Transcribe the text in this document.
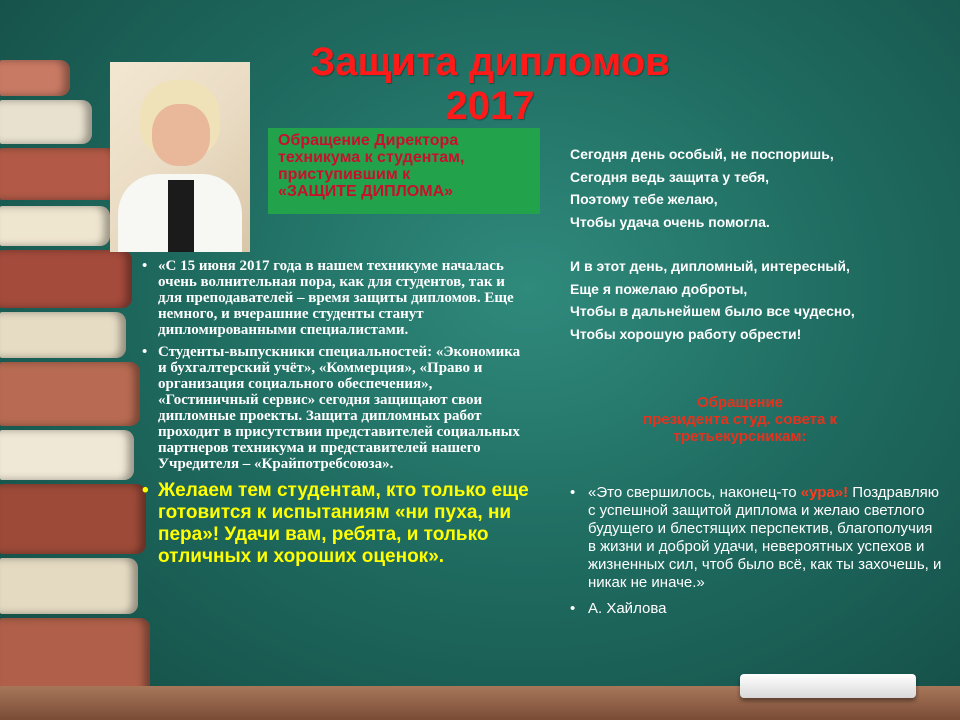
Защита дипломов
2017
Обращение Директора
техникума к студентам,
приступившим к
«ЗАЩИТЕ ДИПЛОМА»
• «С 15 июня 2017 года в нашем техникуме началась очень волнительная пора, как для студентов, так и для преподавателей – время защиты дипломов. Еще немного, и вчерашние студенты станут дипломированными специалистами.
• Студенты-выпускники специальностей: «Экономика и бухгалтерский учёт», «Коммерция», «Право и организация социального обеспечения», «Гостиничный сервис» сегодня защищают свои дипломные проекты. Защита дипломных работ проходит в присутствии представителей социальных партнеров техникума и представителей нашего Учредителя – «Крайпотребсоюза».
• Желаем тем студентам, кто только еще готовится к испытаниям «ни пуха, ни пера»! Удачи вам, ребята, и только отличных и хороших оценок».
Сегодня день особый, не поспоришь,
Сегодня ведь защита у тебя,
Поэтому тебе желаю,
Чтобы удача очень помогла.
И в этот день, дипломный, интересный,
Еще я пожелаю доброты,
Чтобы в дальнейшем было все чудесно,
Чтобы хорошую работу обрести!
Обращение
президента студ. совета к
третьекурсникам:
• «Это свершилось, наконец-то «ура»! Поздравляю с успешной защитой диплома и желаю светлого будущего и блестящих перспектив, благополучия в жизни и доброй удачи, невероятных успехов и жизненных сил, чтоб было всё, как ты захочешь, и никак не иначе.»
• А. Хайлова
